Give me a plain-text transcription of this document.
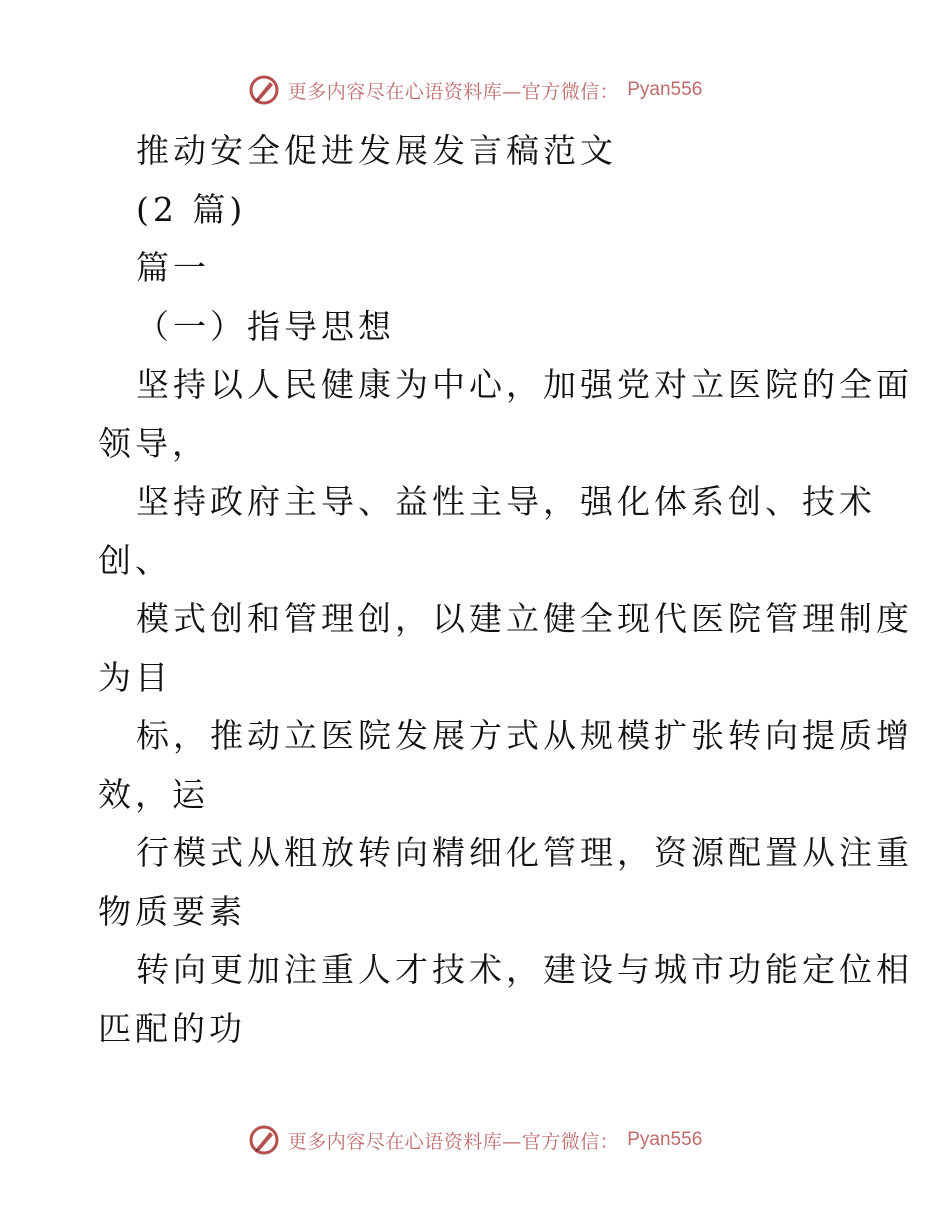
更多内容尽在心语资料库—官方微信： Pyan556
推动安全促进发展发言稿范文
(2 篇)
篇一
（一）指导思想
坚持以人民健康为中心，加强党对立医院的全面
领导，
坚持政府主导、益性主导，强化体系创、技术
创、
模式创和管理创，以建立健全现代医院管理制度
为目
标，推动立医院发展方式从规模扩张转向提质增
效，运
行模式从粗放转向精细化管理，资源配置从注重
物质要素
转向更加注重人才技术，建设与城市功能定位相
匹配的功
更多内容尽在心语资料库—官方微信： Pyan556
